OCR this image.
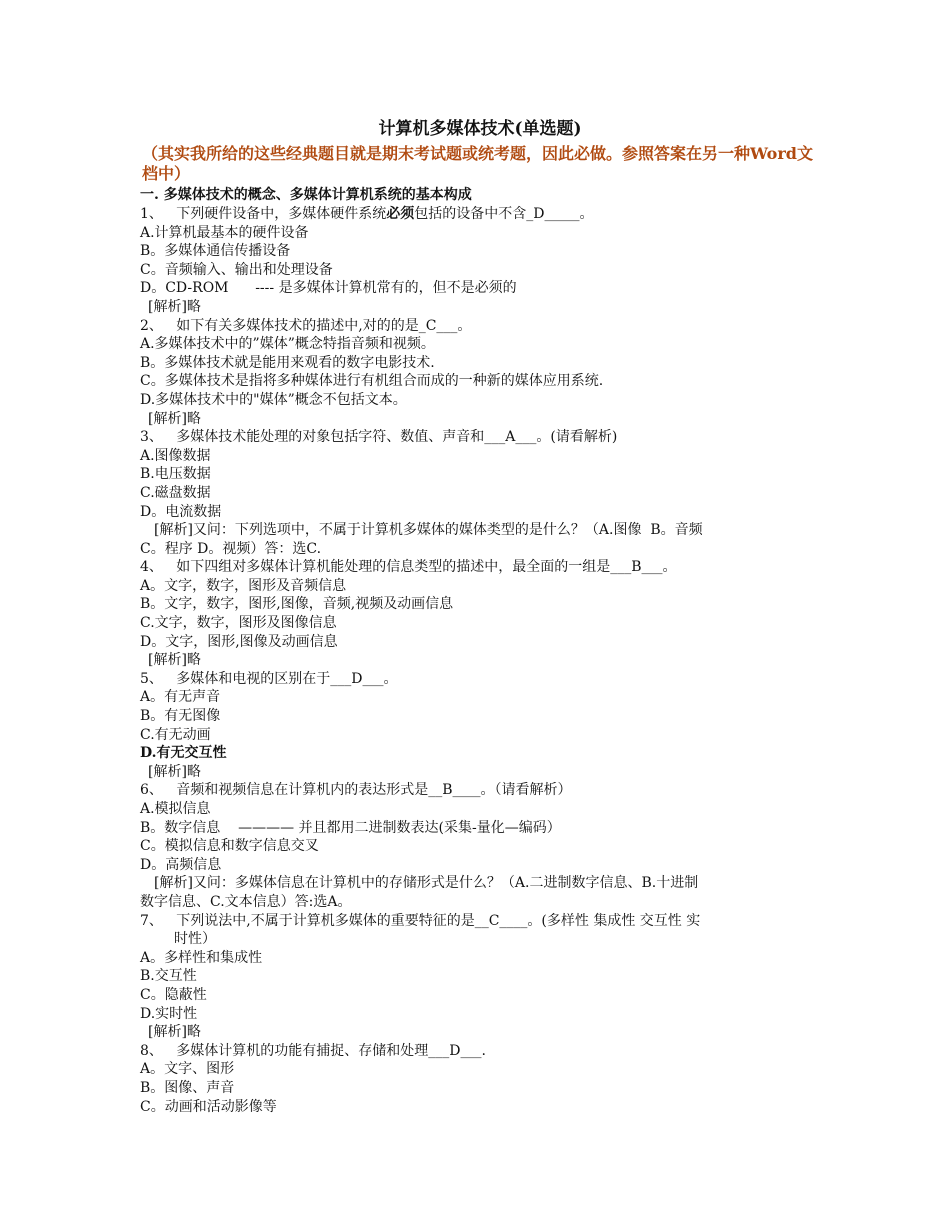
计算机多媒体技术(单选题)

（其实我所给的这些经典题目就是期末考试题或统考题，因此必做。参照答案在另一种Word文档中）

一. 多媒体技术的概念、多媒体计算机系统的基本构成

1、   下列硬件设备中，多媒体硬件系统必须包括的设备中不含_D_____。

A.计算机最基本的硬件设备

B。多媒体通信传播设备

C。音频输入、输出和处理设备

D。CD-ROM      ---- 是多媒体计算机常有的，但不是必须的

[解析]略

2、   如下有关多媒体技术的描述中,对的的是_C___。

A.多媒体技术中的”媒体”概念特指音频和视频。

B。多媒体技术就是能用来观看的数字电影技术.

C。多媒体技术是指将多种媒体进行有机组合而成的一种新的媒体应用系统.

D.多媒体技术中的"媒体”概念不包括文本。

[解析]略

3、   多媒体技术能处理的对象包括字符、数值、声音和___A___。(请看解析)

A.图像数据

B.电压数据

C.磁盘数据

D。电流数据

[解析]又问：下列选项中，不属于计算机多媒体的媒体类型的是什么？（A.图像  B。音频

C。程序 D。视频）答：选C.

4、   如下四组对多媒体计算机能处理的信息类型的描述中，最全面的一组是___B___。

A。文字，数字，图形及音频信息

B。文字，数字，图形,图像，音频,视频及动画信息

C.文字，数字，图形及图像信息

D。文字，图形,图像及动画信息

[解析]略

5、   多媒体和电视的区别在于___D___。

A。有无声音

B。有无图像

C.有无动画

D.有无交互性

[解析]略

6、   音频和视频信息在计算机内的表达形式是__B____。（请看解析）

A.模拟信息

B。数字信息    ———— 并且都用二进制数表达(采集-量化—编码）

C。模拟信息和数字信息交叉

D。高频信息

[解析]又问：多媒体信息在计算机中的存储形式是什么？（A.二进制数字信息、B.十进制

数字信息、C.文本信息）答:选A。

7、   下列说法中,不属于计算机多媒体的重要特征的是__C____。(多样性 集成性 交互性 实

时性）

A。多样性和集成性

B.交互性

C。隐蔽性

D.实时性

[解析]略

8、   多媒体计算机的功能有捕捉、存储和处理___D___.

A。文字、图形

B。图像、声音

C。动画和活动影像等
